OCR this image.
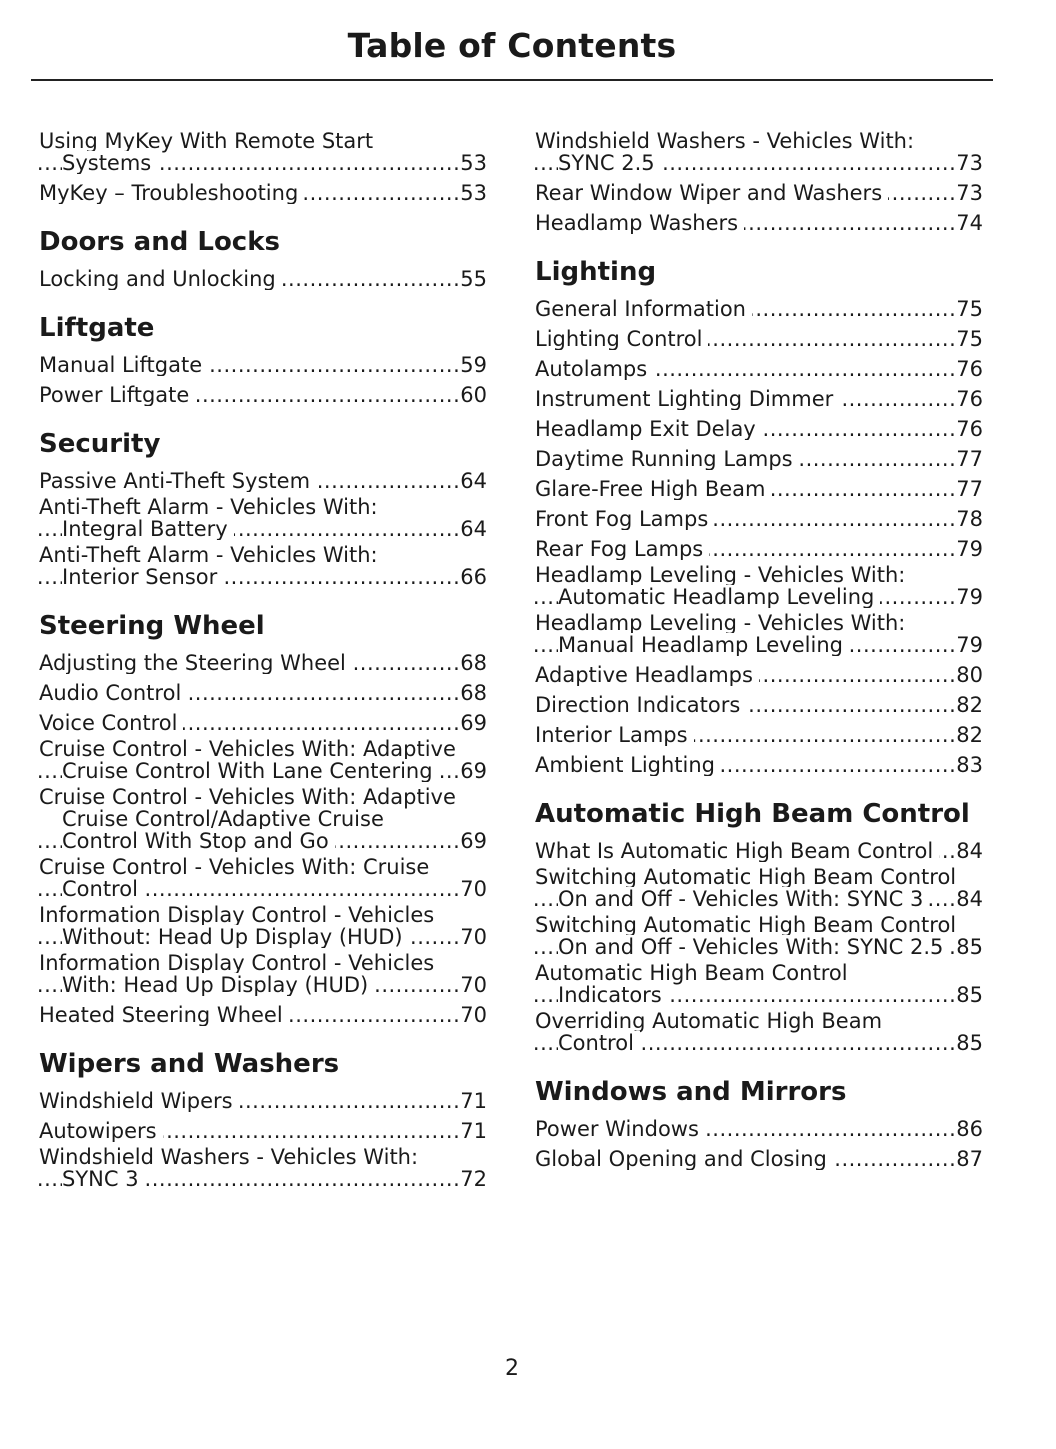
Table of Contents
Using MyKey With Remote Start Systems .....	53
MyKey – Troubleshooting .....	53
Doors and Locks
Locking and Unlocking .....	55
Liftgate
Manual Liftgate .....	59
Power Liftgate .....	60
Security
Passive Anti-Theft System .....	64
Anti-Theft Alarm - Vehicles With: Integral Battery .....	64
Anti-Theft Alarm - Vehicles With: Interior Sensor .....	66
Steering Wheel
Adjusting the Steering Wheel .....	68
Audio Control .....	68
Voice Control .....	69
Cruise Control - Vehicles With: Adaptive Cruise Control With Lane Centering .....	69
Cruise Control - Vehicles With: Adaptive Cruise Control/Adaptive Cruise Control With Stop and Go .....	69
Cruise Control - Vehicles With: Cruise Control .....	70
Information Display Control - Vehicles Without: Head Up Display (HUD) .....	70
Information Display Control - Vehicles With: Head Up Display (HUD) .....	70
Heated Steering Wheel .....	70
Wipers and Washers
Windshield Wipers .....	71
Autowipers .....	71
Windshield Washers - Vehicles With: SYNC 3 .....	72
Windshield Washers - Vehicles With: SYNC 2.5 .....	73
Rear Window Wiper and Washers .....	73
Headlamp Washers .....	74
Lighting
General Information .....	75
Lighting Control .....	75
Autolamps .....	76
Instrument Lighting Dimmer .....	76
Headlamp Exit Delay .....	76
Daytime Running Lamps .....	77
Glare-Free High Beam .....	77
Front Fog Lamps .....	78
Rear Fog Lamps .....	79
Headlamp Leveling - Vehicles With: Automatic Headlamp Leveling .....	79
Headlamp Leveling - Vehicles With: Manual Headlamp Leveling .....	79
Adaptive Headlamps .....	80
Direction Indicators .....	82
Interior Lamps .....	82
Ambient Lighting .....	83
Automatic High Beam Control
What Is Automatic High Beam Control .....	84
Switching Automatic High Beam Control On and Off - Vehicles With: SYNC 3 .....	84
Switching Automatic High Beam Control On and Off - Vehicles With: SYNC 2.5 ..... 85
Automatic High Beam Control Indicators .....	85
Overriding Automatic High Beam Control .....	85
Windows and Mirrors
Power Windows .....	86
Global Opening and Closing .....	87
2
